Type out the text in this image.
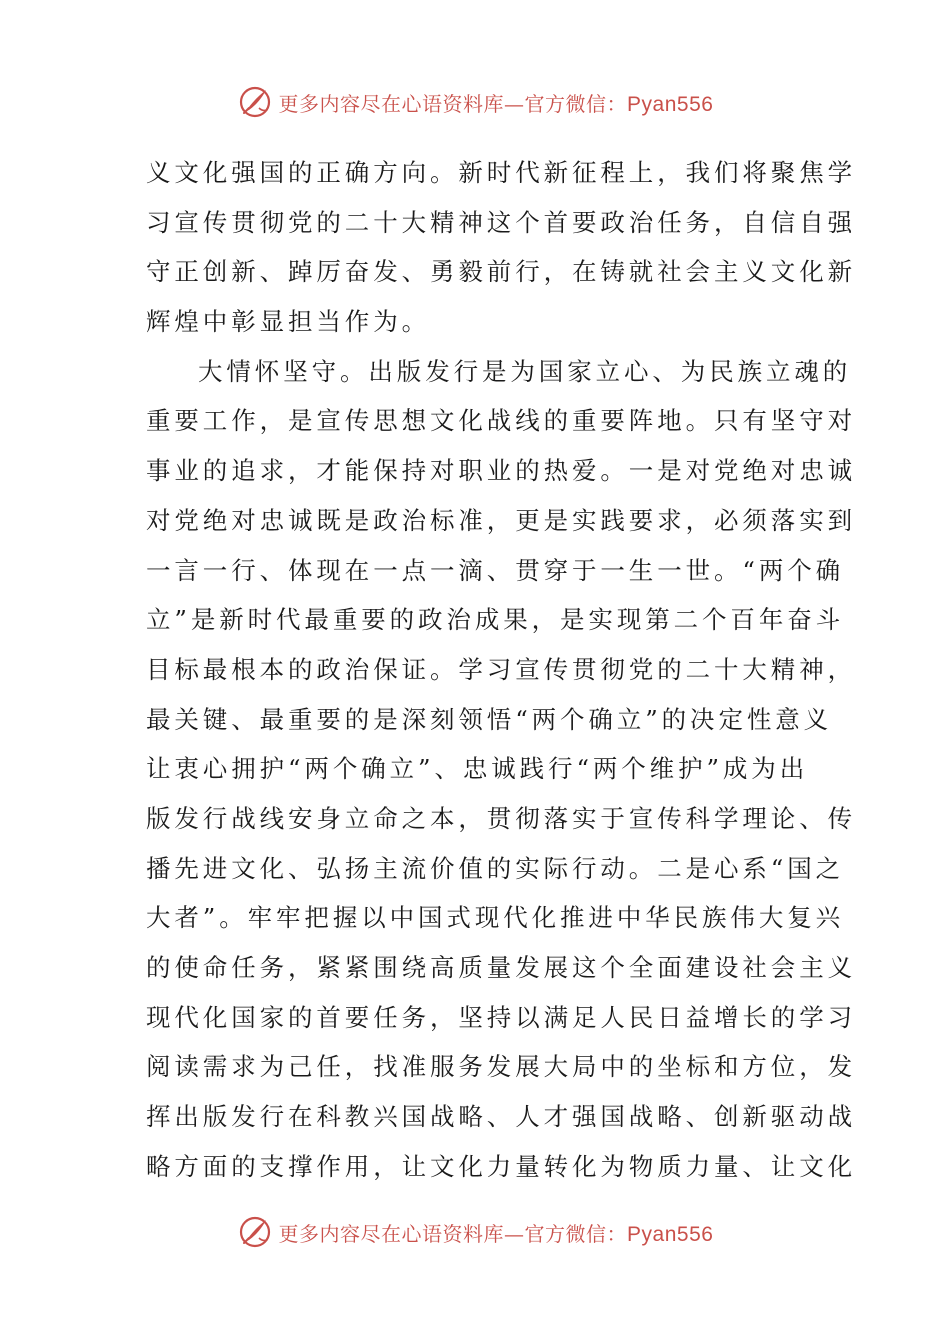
更多内容尽在心语资料库—官方微信：Pyan556
义文化强国的正确方向。新时代新征程上，我们将聚焦学
习宣传贯彻党的二十大精神这个首要政治任务，自信自强
守正创新、踔厉奋发、勇毅前行，在铸就社会主义文化新
辉煌中彰显担当作为。
大情怀坚守。出版发行是为国家立心、为民族立魂的
重要工作，是宣传思想文化战线的重要阵地。只有坚守对
事业的追求，才能保持对职业的热爱。一是对党绝对忠诚
对党绝对忠诚既是政治标准，更是实践要求，必须落实到
一言一行、体现在一点一滴、贯穿于一生一世。“两个确
立”是新时代最重要的政治成果，是实现第二个百年奋斗
目标最根本的政治保证。学习宣传贯彻党的二十大精神，
最关键、最重要的是深刻领悟“两个确立”的决定性意义
让衷心拥护“两个确立”、忠诚践行“两个维护”成为出
版发行战线安身立命之本，贯彻落实于宣传科学理论、传
播先进文化、弘扬主流价值的实际行动。二是心系“国之
大者”。牢牢把握以中国式现代化推进中华民族伟大复兴
的使命任务，紧紧围绕高质量发展这个全面建设社会主义
现代化国家的首要任务，坚持以满足人民日益增长的学习
阅读需求为己任，找准服务发展大局中的坐标和方位，发
挥出版发行在科教兴国战略、人才强国战略、创新驱动战
略方面的支撑作用，让文化力量转化为物质力量、让文化
更多内容尽在心语资料库—官方微信：Pyan556
